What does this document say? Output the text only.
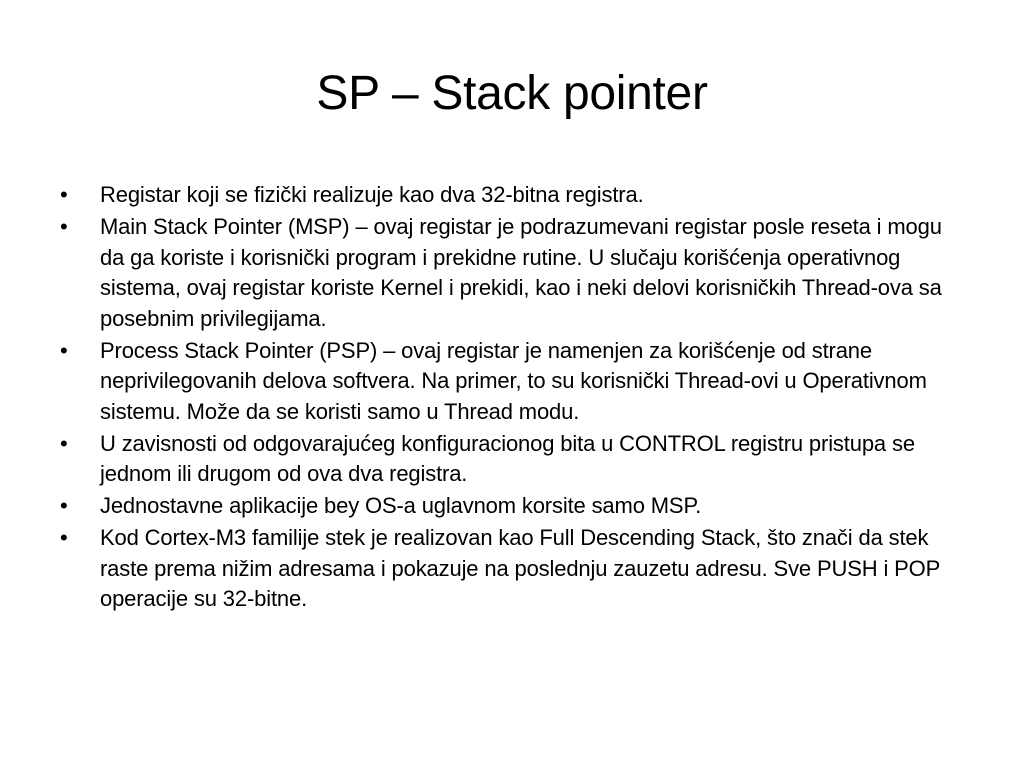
SP – Stack pointer
• Registar koji se fizički realizuje kao dva 32-bitna registra.
• Main Stack Pointer (MSP) – ovaj registar je podrazumevani registar posle reseta i mogu da ga koriste i korisnički program i prekidne rutine. U slučaju korišćenja operativnog sistema, ovaj registar koriste Kernel i prekidi, kao i neki delovi korisničkih Thread-ova sa posebnim privilegijama.
• Process Stack Pointer (PSP) – ovaj registar je namenjen za korišćenje od strane neprivilegovanih delova softvera. Na primer, to su korisnički Thread-ovi u Operativnom sistemu. Može da se koristi samo u Thread modu.
• U zavisnosti od odgovarajućeg konfiguracionog bita u CONTROL registru pristupa se jednom ili drugom od ova dva registra.
• Jednostavne aplikacije bey OS-a uglavnom korsite samo MSP.
• Kod Cortex-M3 familije stek je realizovan kao Full Descending Stack, što znači da stek raste prema nižim adresama i pokazuje na poslednju zauzetu adresu. Sve PUSH i POP operacije su 32-bitne.
